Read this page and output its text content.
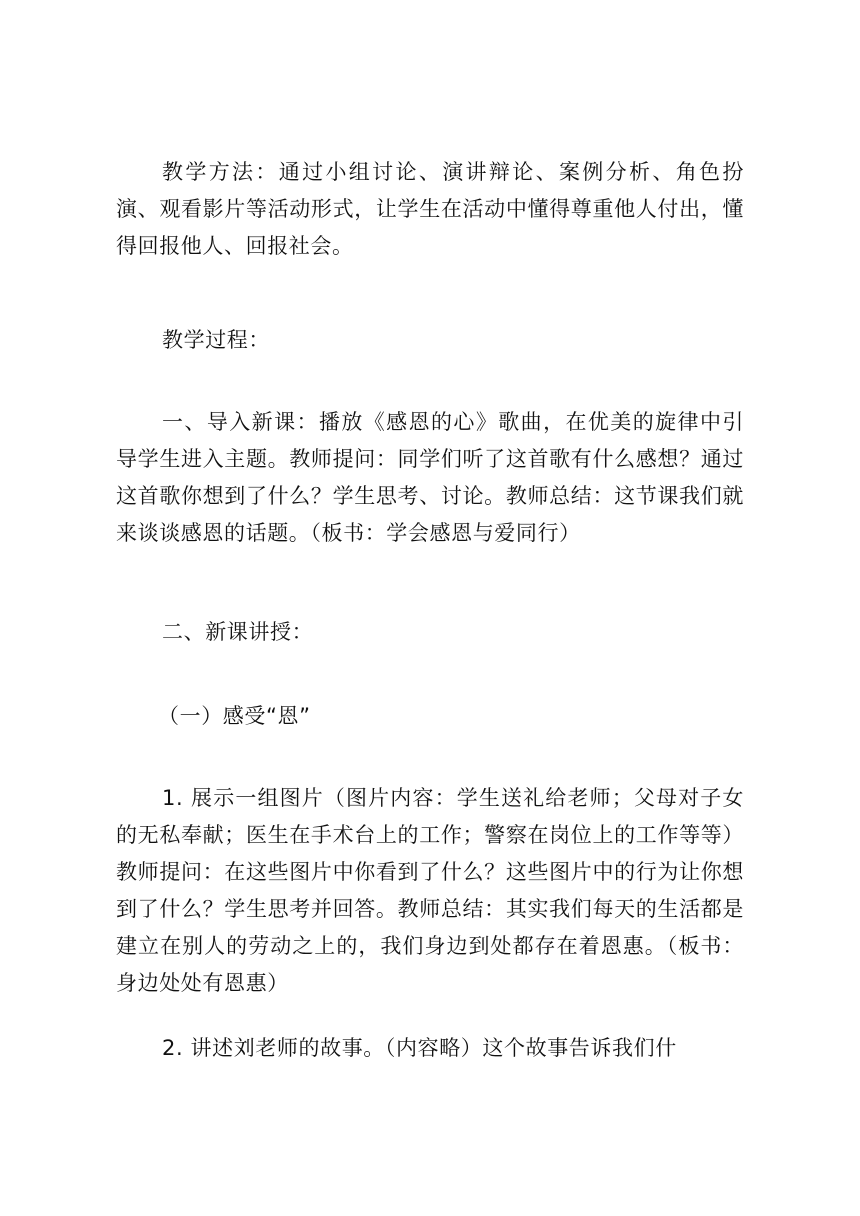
教学方法：通过小组讨论、演讲辩论、案例分析、角色扮演、观看影片等活动形式，让学生在活动中懂得尊重他人付出，懂得回报他人、回报社会。

教学过程：

一、导入新课：播放《感恩的心》歌曲，在优美的旋律中引导学生进入主题。教师提问：同学们听了这首歌有什么感想？通过这首歌你想到了什么？学生思考、讨论。教师总结：这节课我们就来谈谈感恩的话题。（板书：学会感恩与爱同行）

二、新课讲授：

（一）感受“恩”

1. 展示一组图片（图片内容：学生送礼给老师；父母对子女的无私奉献；医生在手术台上的工作；警察在岗位上的工作等等）教师提问：在这些图片中你看到了什么？这些图片中的行为让你想到了什么？学生思考并回答。教师总结：其实我们每天的生活都是建立在别人的劳动之上的，我们身边到处都存在着恩惠。（板书：身边处处有恩惠）

2. 讲述刘老师的故事。（内容略）这个故事告诉我们什
